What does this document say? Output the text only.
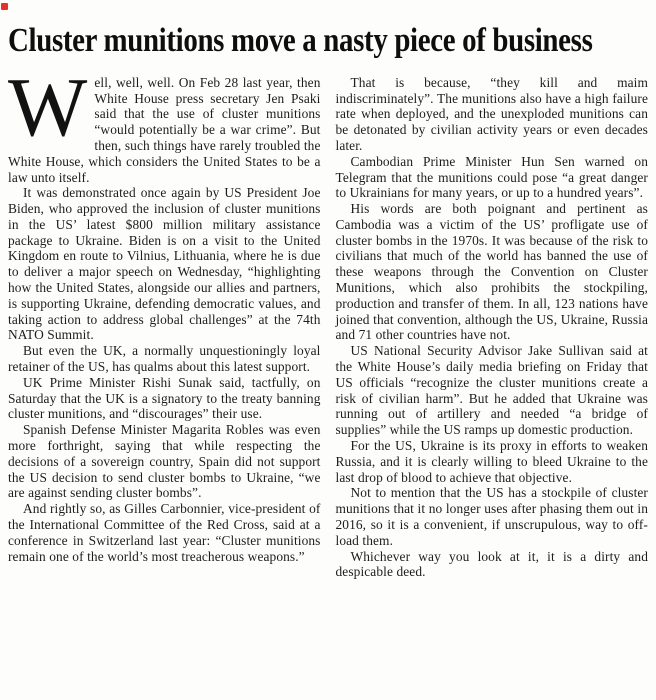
Cluster munitions move a nasty piece of business

Well, well, well. On Feb 28 last year, then White House press secretary Jen Psaki said that the use of cluster munitions “would potentially be a war crime”. But then, such things have rarely troubled the White House, which considers the United States to be a law unto itself.

It was demonstrated once again by US President Joe Biden, who approved the inclusion of cluster munitions in the US’ latest $800 million military assistance package to Ukraine. Biden is on a visit to the United Kingdom en route to Vilnius, Lithuania, where he is due to deliver a major speech on Wednesday, “highlighting how the United States, alongside our allies and partners, is supporting Ukraine, defending democratic values, and taking action to address global challenges” at the 74th NATO Summit.

But even the UK, a normally unquestioningly loyal retainer of the US, has qualms about this latest support.

UK Prime Minister Rishi Sunak said, tactfully, on Saturday that the UK is a signatory to the treaty banning cluster munitions, and “discourages” their use.

Spanish Defense Minister Magarita Robles was even more forthright, saying that while respecting the decisions of a sovereign country, Spain did not support the US decision to send cluster bombs to Ukraine, “we are against sending cluster bombs”.

And rightly so, as Gilles Carbonnier, vice-president of the International Committee of the Red Cross, said at a conference in Switzerland last year: “Cluster munitions remain one of the world’s most treacherous weapons.”

That is because, “they kill and maim indiscriminately”. The munitions also have a high failure rate when deployed, and the unexploded munitions can be detonated by civilian activity years or even decades later.

Cambodian Prime Minister Hun Sen warned on Telegram that the munitions could pose “a great danger to Ukrainians for many years, or up to a hundred years”.

His words are both poignant and pertinent as Cambodia was a victim of the US’ profligate use of cluster bombs in the 1970s. It was because of the risk to civilians that much of the world has banned the use of these weapons through the Convention on Cluster Munitions, which also prohibits the stockpiling, production and transfer of them. In all, 123 nations have joined that convention, although the US, Ukraine, Russia and 71 other countries have not.

US National Security Advisor Jake Sullivan said at the White House’s daily media briefing on Friday that US officials “recognize the cluster munitions create a risk of civilian harm”. But he added that Ukraine was running out of artillery and needed “a bridge of supplies” while the US ramps up domestic production.

For the US, Ukraine is its proxy in efforts to weaken Russia, and it is clearly willing to bleed Ukraine to the last drop of blood to achieve that objective.

Not to mention that the US has a stockpile of cluster munitions that it no longer uses after phasing them out in 2016, so it is a convenient, if unscrupulous, way to off-load them.

Whichever way you look at it, it is a dirty and despicable deed.
